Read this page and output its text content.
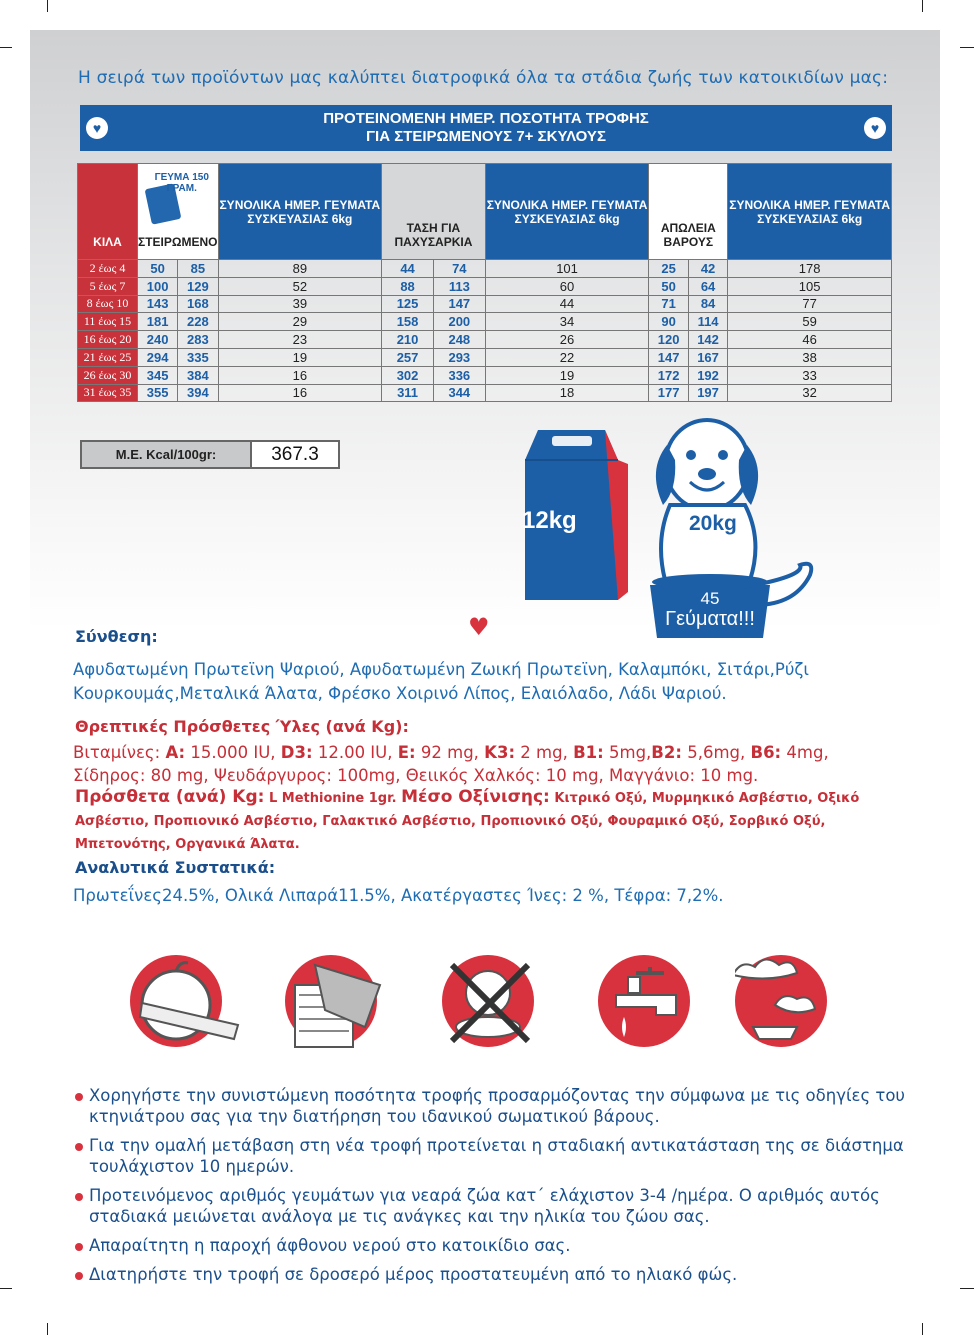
Η σειρά των προϊόντων μας καλύπτει διατροφικά όλα τα στάδια ζωής των κατοικιδίων μας:
♥
ΠΡΟΤΕΙΝΟΜΕΝΗ ΗΜΕΡ. ΠΟΣΟΤΗΤΑ ΤΡΟΦΗΣ
ΓΙΑ ΣΤΕΙΡΩΜΕΝΟΥΣ 7+ ΣΚΥΛΟΥΣ	♥
ΚΙΛΑ	ΓΕΥΜΑ 150 ΓΡΑΜ.
ΣΤΕΙΡΩΜΕΝΟ		ΣΥΝΟΛΙΚΑ ΗΜΕΡ. ΓΕΥΜΑΤΑ ΣΥΣΚΕΥΑΣΙΑΣ 6kg	ΤΑΣΗ ΓΙΑ ΠΑΧΥΣΑΡΚΙΑ		ΣΥΝΟΛΙΚΑ ΗΜΕΡ. ΓΕΥΜΑΤΑ ΣΥΣΚΕΥΑΣΙΑΣ 6kg	ΑΠΩΛΕΙΑ ΒΑΡΟΥΣ		ΣΥΝΟΛΙΚΑ ΗΜΕΡ. ΓΕΥΜΑΤΑ ΣΥΣΚΕΥΑΣΙΑΣ 6kg
2 έως 4	50	85	89	44	74	101	25	42	178
5 έως 7	100	129	52	88	113	60	50	64	105
8 έως 10	143	168	39	125	147	44	71	84	77
11 έως 15	181	228	29	158	200	34	90	114	59
16 έως 20	240	283	23	210	248	26	120	142	46
21 έως 25	294	335	19	257	293	22	147	167	38
26 έως 30	345	384	16	302	336	19	172	192	33
31 έως 35	355	394	16	311	344	18	177	197	32
M.E. Kcal/100gr:	367.3
12kg	20kg
45
Γεύματα!!!
♥
Σύνθεση:
Αφυδατωμένη Πρωτεϊνη Ψαριού, Αφυδατωμένη Ζωική Πρωτεϊνη, Καλαμπόκι, Σιτάρι,Ρύζι Κουρκουμάς,Μεταλικά Άλατα, Φρέσκο Χοιρινό Λίπος, Ελαιόλαδο, Λάδι Ψαριού.
Θρεπτικές Πρόσθετες Ύλες (ανά Kg):
Βιταμίνες: A: 15.000 IU, D3: 12.00 IU, E: 92 mg, K3: 2 mg, B1: 5mg,B2: 5,6mg, B6: 4mg,
Σίδηρος: 80 mg, Ψευδάργυρος: 100mg, Θειικός Χαλκός: 10 mg, Μαγγάνιο: 10 mg.
Πρόσθετα (ανά) Kg: L Methionine 1gr. Μέσο Οξίνισης: Κιτρικό Οξύ, Μυρμηκικό Ασβέστιο, Οξικό Ασβέστιο, Προπιονικό Ασβέστιο, Γαλακτικό Ασβέστιο, Προπιονικό Οξύ, Φουραμικό Οξύ, Σορβικό Οξύ, Μπετονότης, Οργανικά Άλατα.
Αναλυτικά Συστατικά:
Πρωτεΐνες24.5%, Ολικά Λιπαρά11.5%, Ακατέργαστες Ίνες: 2 %, Τέφρα: 7,2%.
Χορηγήστε την συνιστώμενη ποσότητα τροφής προσαρμόζοντας την σύμφωνα με τις οδηγίες του κτηνιάτρου σας για την διατήρηση του ιδανικού σωματικού βάρους.
Για την ομαλή μετάβαση στη νέα τροφή προτείνεται η σταδιακή αντικατάσταση της σε διάστημα τουλάχιστον 10 ημερών.
Προτεινόμενος αριθμός γευμάτων για νεαρά ζώα κατ΄ ελάχιστον 3-4 /ημέρα. Ο αριθμός αυτός σταδιακά μειώνεται ανάλογα με τις ανάγκες και την ηλικία του ζώου σας.
Απαραίτητη η παροχή άφθονου νερού στο κατοικίδιο σας.
Διατηρήστε την τροφή σε δροσερό μέρος προστατευμένη από το ηλιακό φώς.
